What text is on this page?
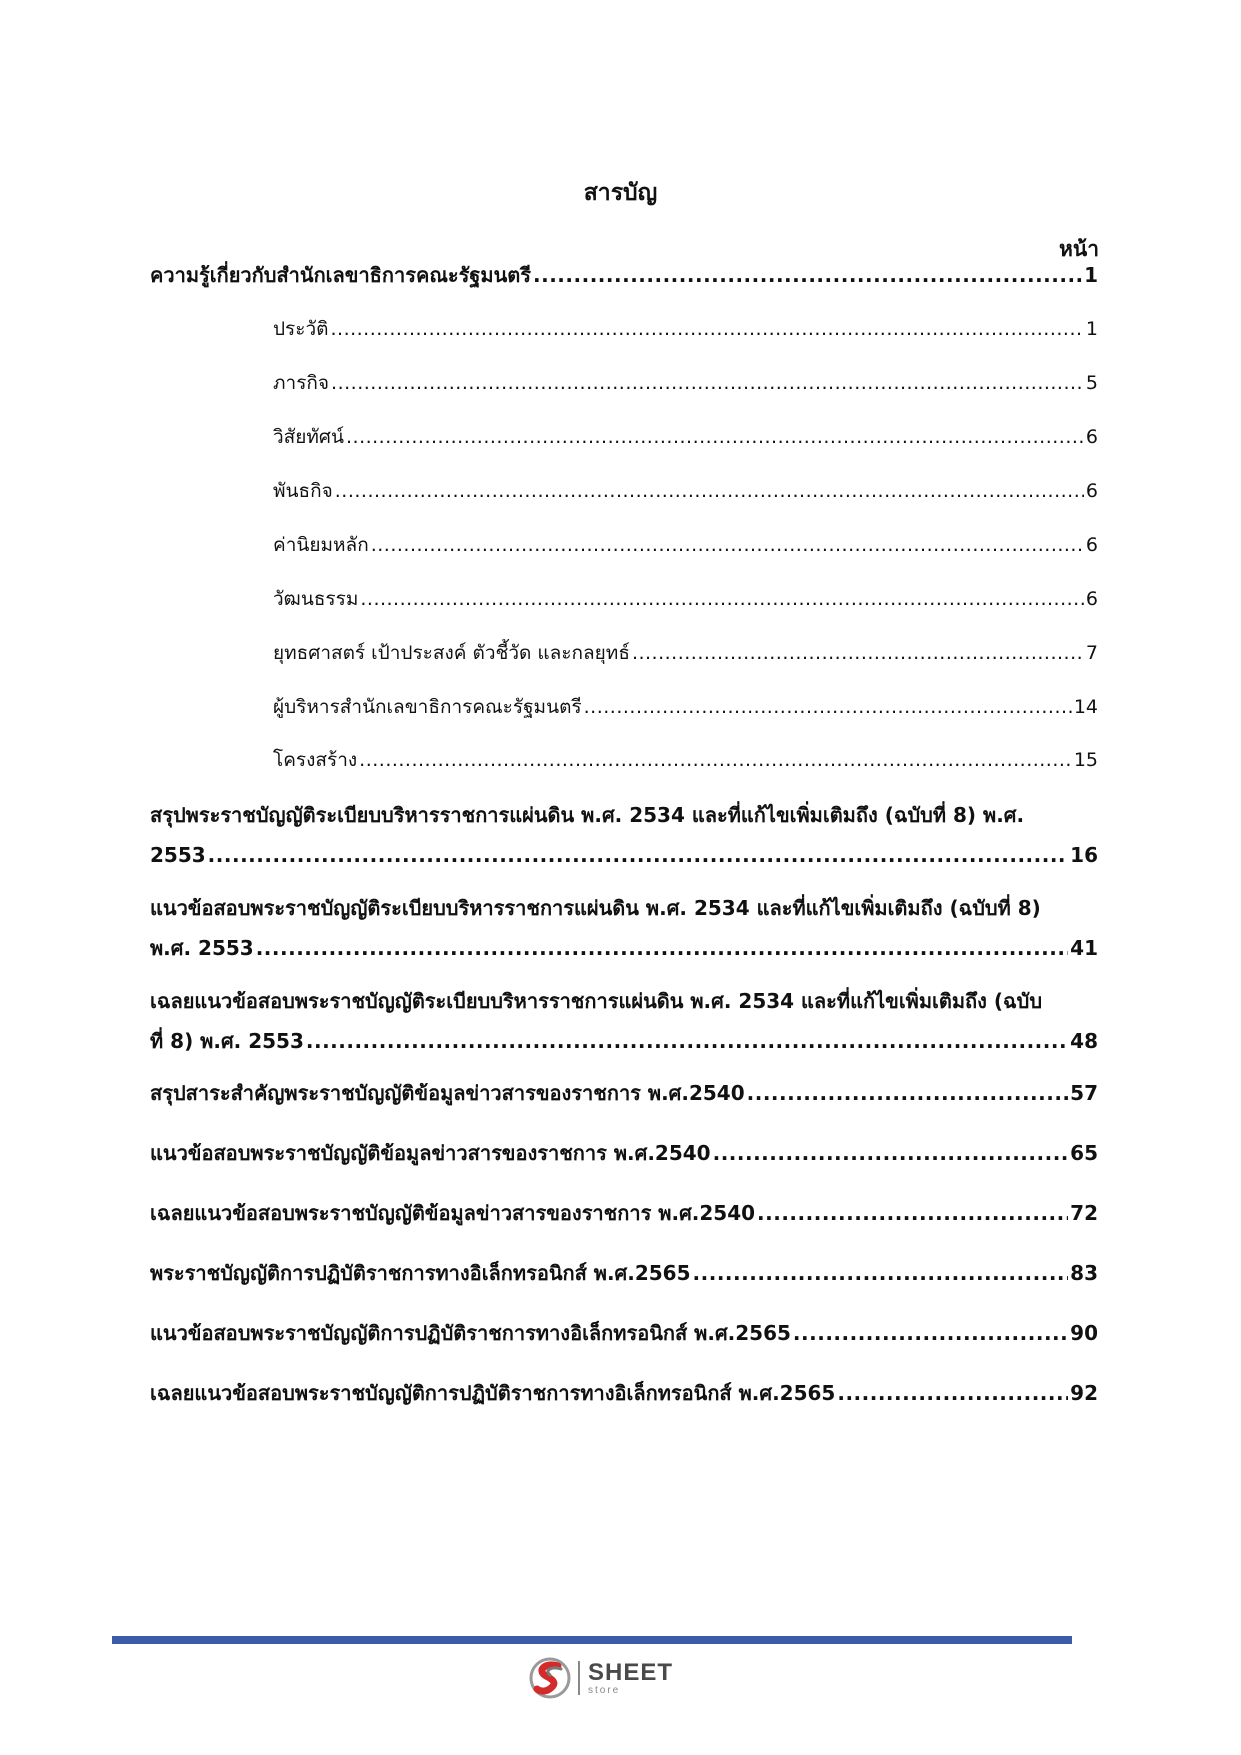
สารบัญ
หน้า
ความรู้เกี่ยวกับสำนักเลขาธิการคณะรัฐมนตรี .....	1
ประวัติ .....	1
ภารกิจ .....	5
วิสัยทัศน์ .....	6
พันธกิจ .....	6
ค่านิยมหลัก .....	6
วัฒนธรรม .....	6
ยุทธศาสตร์ เป้าประสงค์ ตัวชี้วัด และกลยุทธ์ .....	7
ผู้บริหารสำนักเลขาธิการคณะรัฐมนตรี .....	14
โครงสร้าง .....	15
สรุปพระราชบัญญัติระเบียบบริหารราชการแผ่นดิน พ.ศ. 2534 และที่แก้ไขเพิ่มเติมถึง (ฉบับที่ 8) พ.ศ.
2553 .....	16
แนวข้อสอบพระราชบัญญัติระเบียบบริหารราชการแผ่นดิน พ.ศ. 2534 และที่แก้ไขเพิ่มเติมถึง (ฉบับที่ 8)
พ.ศ. 2553 .....	41
เฉลยแนวข้อสอบพระราชบัญญัติระเบียบบริหารราชการแผ่นดิน พ.ศ. 2534 และที่แก้ไขเพิ่มเติมถึง (ฉบับ
ที่ 8) พ.ศ. 2553 .....	48
สรุปสาระสำคัญพระราชบัญญัติข้อมูลข่าวสารของราชการ พ.ศ.2540 .....	57
แนวข้อสอบพระราชบัญญัติข้อมูลข่าวสารของราชการ พ.ศ.2540 .....	65
เฉลยแนวข้อสอบพระราชบัญญัติข้อมูลข่าวสารของราชการ พ.ศ.2540 .....	72
พระราชบัญญัติการปฏิบัติราชการทางอิเล็กทรอนิกส์ พ.ศ.2565 .....	83
แนวข้อสอบพระราชบัญญัติการปฏิบัติราชการทางอิเล็กทรอนิกส์ พ.ศ.2565 .....	90
เฉลยแนวข้อสอบพระราชบัญญัติการปฏิบัติราชการทางอิเล็กทรอนิกส์ พ.ศ.2565 .....	92
SHEET
store
